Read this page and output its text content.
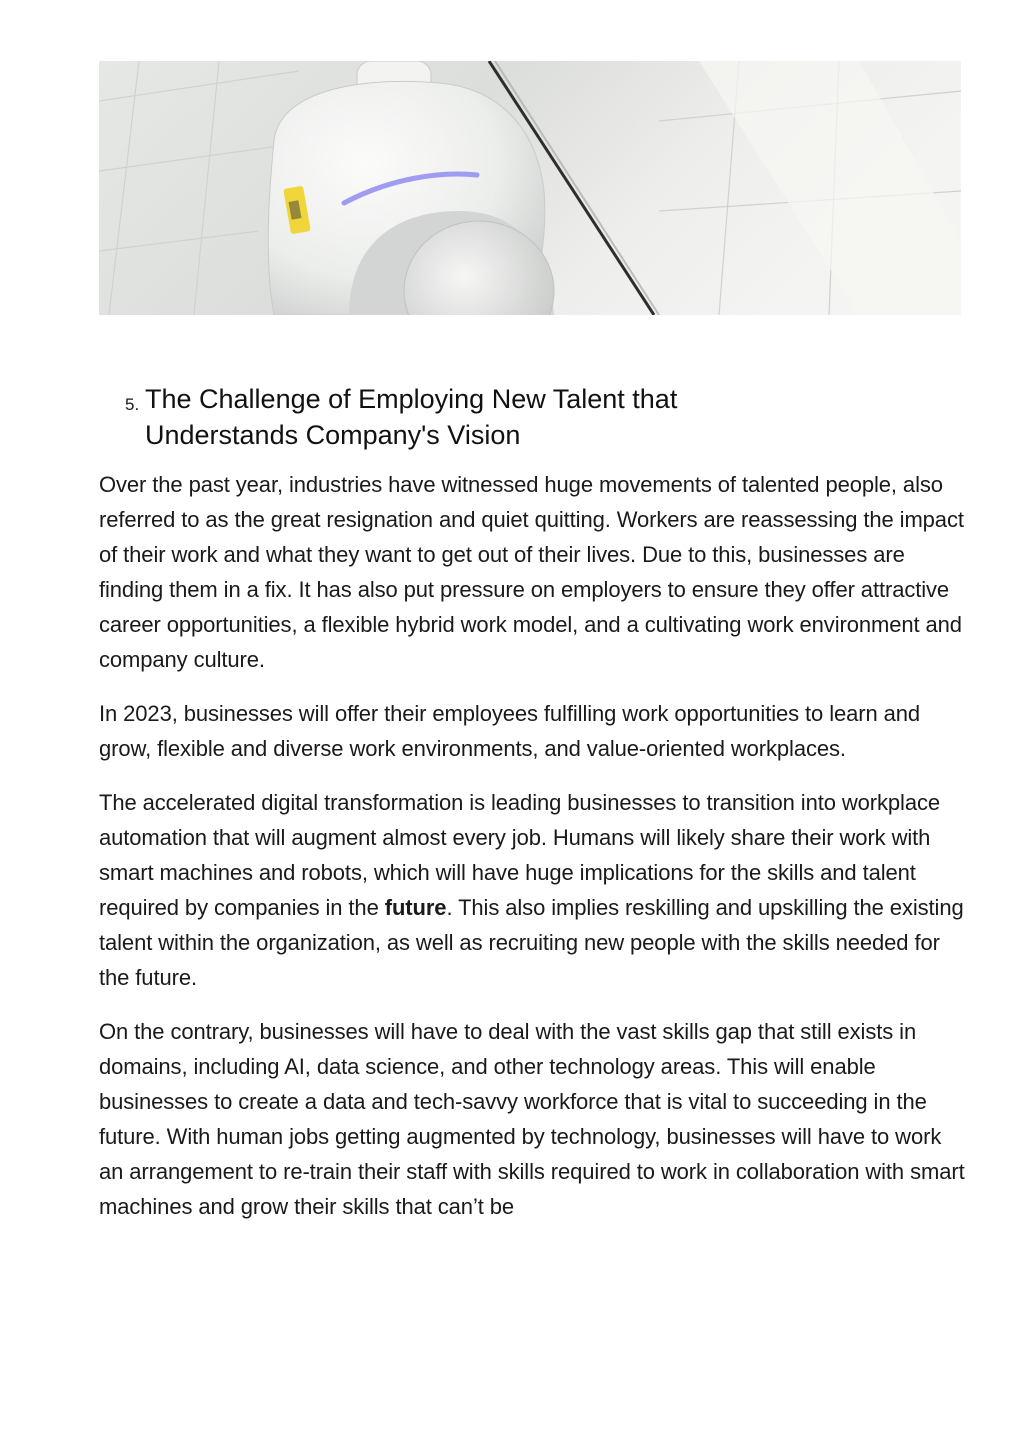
5. The Challenge of Employing New Talent that
Understands Company's Vision

Over the past year, industries have witnessed huge movements of talented people, also referred to as the great resignation and quiet quitting. Workers are reassessing the impact of their work and what they want to get out of their lives. Due to this, businesses are finding them in a fix. It has also put pressure on employers to ensure they offer attractive career opportunities, a flexible hybrid work model, and a cultivating work environment and company culture.

In 2023, businesses will offer their employees fulfilling work opportunities to learn and grow, flexible and diverse work environments, and value-oriented workplaces.

The accelerated digital transformation is leading businesses to transition into workplace automation that will augment almost every job. Humans will likely share their work with smart machines and robots, which will have huge implications for the skills and talent required by companies in the future. This also implies reskilling and upskilling the existing talent within the organization, as well as recruiting new people with the skills needed for the future.

On the contrary, businesses will have to deal with the vast skills gap that still exists in domains, including AI, data science, and other technology areas. This will enable businesses to create a data and tech-savvy workforce that is vital to succeeding in the future. With human jobs getting augmented by technology, businesses will have to work an arrangement to re-train their staff with skills required to work in collaboration with smart machines and grow their skills that can’t be
